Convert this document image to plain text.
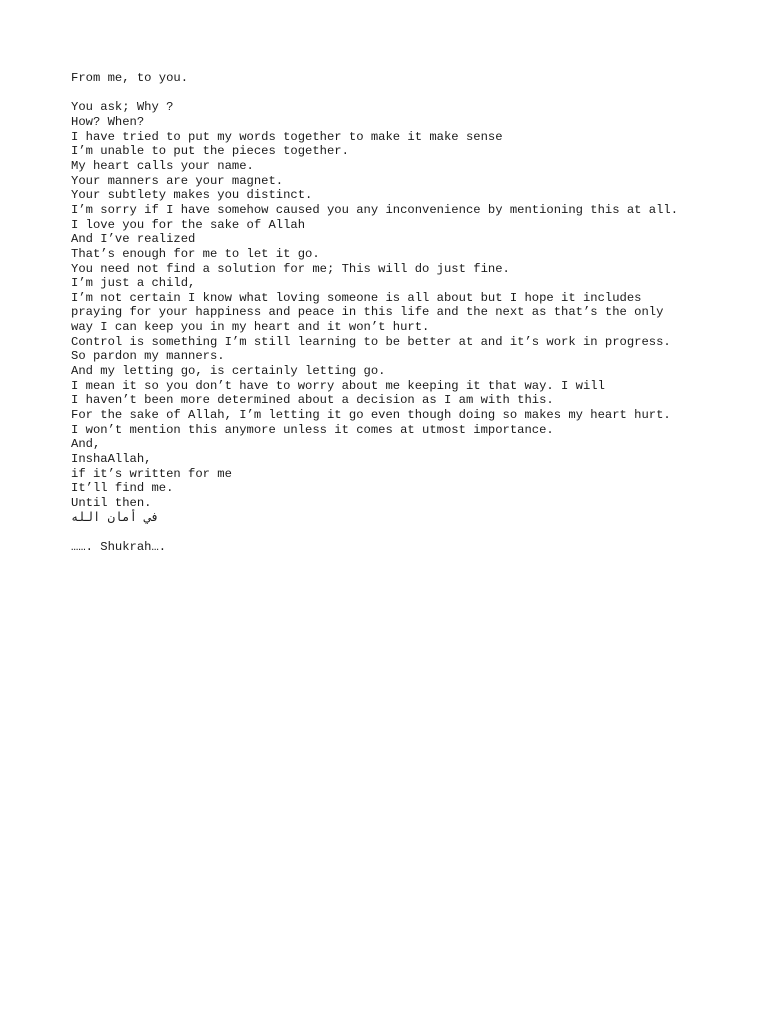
From me, to you.
You ask; Why ?
How? When?
I have tried to put my words together to make it make sense
I’m unable to put the pieces together.
My heart calls your name.
Your manners are your magnet.
Your subtlety makes you distinct.
I’m sorry if I have somehow caused you any inconvenience by mentioning this at all.
I love you for the sake of Allah
And I’ve realized
That’s enough for me to let it go.
You need not find a solution for me; This will do just fine.
I’m just a child,
I’m not certain I know what loving someone is all about but I hope it includes
praying for your happiness and peace in this life and the next as that’s the only
way I can keep you in my heart and it won’t hurt.
Control is something I’m still learning to be better at and it’s work in progress.
So pardon my manners.
And my letting go, is certainly letting go.
I mean it so you don’t have to worry about me keeping it that way. I will
I haven’t been more determined about a decision as I am with this.
For the sake of Allah, I’m letting it go even though doing so makes my heart hurt.
I won’t mention this anymore unless it comes at utmost importance.
And,
InshaAllah,
if it’s written for me
It’ll find me.
Until then.
في أمان الله
……. Shukrah….
